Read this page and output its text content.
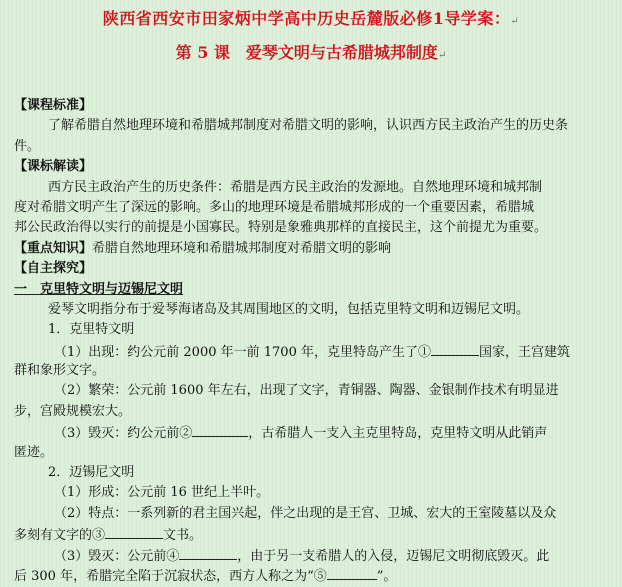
陕西省西安市田家炳中学高中历史岳麓版必修1导学案：↵
第 5 课　爱琴文明与古希腊城邦制度↵
【课程标准】
了解希腊自然地理环境和希腊城邦制度对希腊文明的影响，认识西方民主政治产生的历史条
件。
【课标解读】
西方民主政治产生的历史条件：希腊是西方民主政治的发源地。自然地理环境和城邦制
度对希腊文明产生了深远的影响。多山的地理环境是希腊城邦形成的一个重要因素，希腊城
邦公民政治得以实行的前提是小国寡民。特别是象雅典那样的直接民主，这个前提尤为重要。
【重点知识】希腊自然地理环境和希腊城邦制度对希腊文明的影响
【自主探究】
一　克里特文明与迈锡尼文明
爱琴文明指分布于爱琴海诸岛及其周围地区的文明，包括克里特文明和迈锡尼文明。
1．克里特文明
（1）出现：约公元前 2000 年一前 1700 年，克里特岛产生了①	国家，王宫建筑
群和象形文字。
（2）繁荣：公元前 1600 年左右，出现了文字，青铜器、陶器、金银制作技术有明显进
步，宫殿规模宏大。
（3）毁灭：约公元前②	，古希腊人一支入主克里特岛，克里特文明从此销声
匿迹。
2．迈锡尼文明
（1）形成：公元前 16 世纪上半叶。
（2）特点：一系列新的君主国兴起，伴之出现的是王宫、卫城、宏大的王室陵墓以及众
多刻有文字的③	文书。
（3）毁灭：公元前④	，由于另一支希腊人的入侵，迈锡尼文明彻底毁灭。此
后 300 年，希腊完全陷于沉寂状态，西方人称之为“⑤	”。
